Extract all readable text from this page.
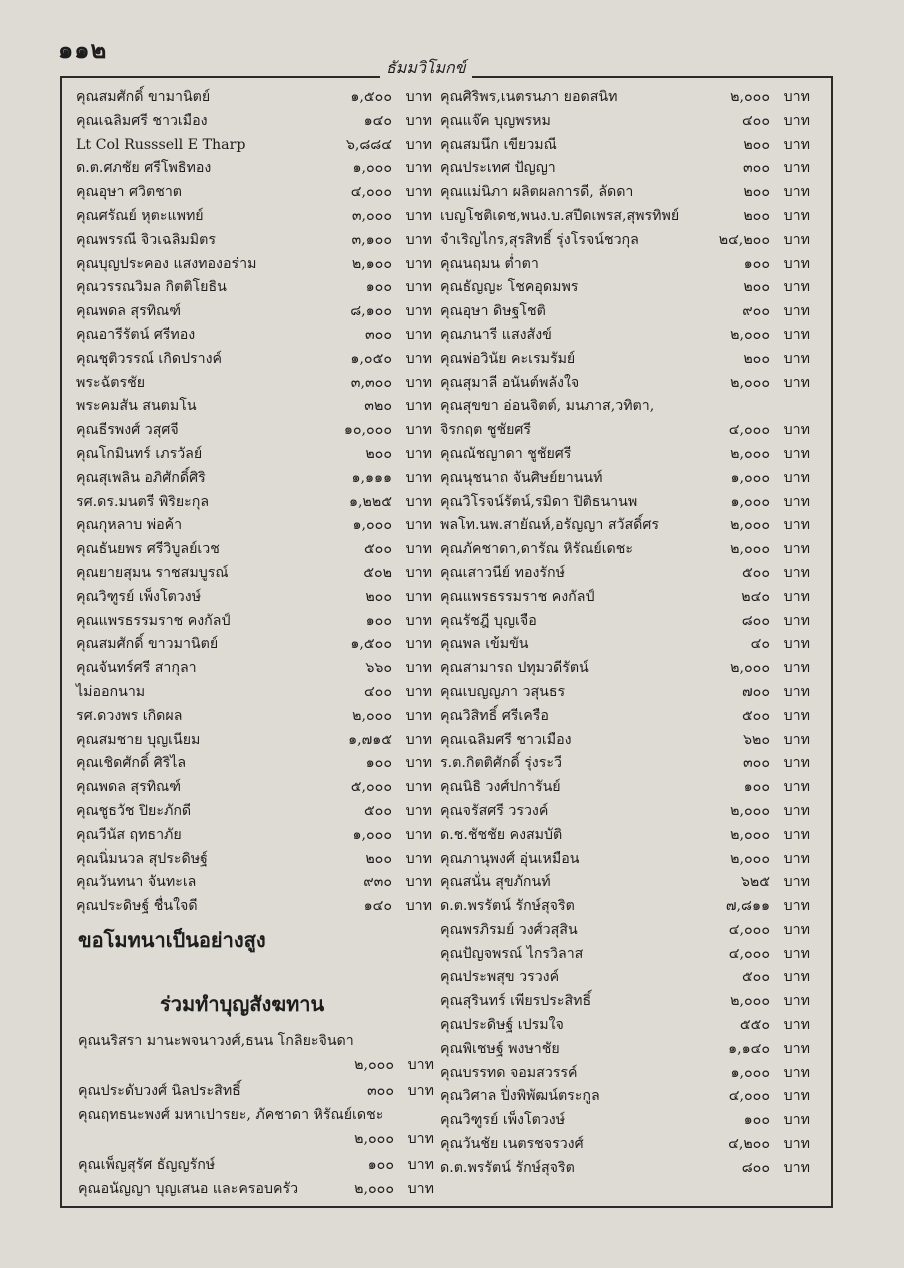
๑๑๒
ธัมมวิโมกข์
คุณสมศักดิ์ ขามานิตย์	๑,๕๐๐ บาท
คุณเฉลิมศรี ชาวเมือง	๑๔๐ บาท
Lt Col Russsell E Tharp	๖,๘๘๔ บาท
ด.ต.ศภชัย ศรีโพธิทอง	๑,๐๐๐ บาท
คุณอุษา ศวิตชาต	๔,๐๐๐ บาท
คุณศรัณย์ หุตะแพทย์	๓,๐๐๐ บาท
คุณพรรณี จิวเฉลิมมิตร	๓,๑๐๐ บาท
คุณบุญประคอง แสงทองอร่าม	๒,๑๐๐ บาท
คุณวรรณวิมล กิตติโยธิน	๑๐๐ บาท
คุณพดล สุรทิณฑ์	๘,๑๐๐ บาท
คุณอารีรัตน์ ศรีทอง	๓๐๐ บาท
คุณชุติวรรณ์ เกิดปรางค์	๑,๐๕๐ บาท
พระฉัตรชัย	๓,๓๐๐ บาท
พระคมสัน สนตมโน	๓๒๐ บาท
คุณธีรพงศ์ วสุศจี	๑๐,๐๐๐ บาท
คุณโกมินทร์ เภรวัลย์	๒๐๐ บาท
คุณสุเพลิน อภิศักดิ์ศิริ	๑,๑๑๑ บาท
รศ.ดร.มนตรี พิริยะกุล	๑,๒๒๕ บาท
คุณกุหลาบ พ่อค้า	๑,๐๐๐ บาท
คุณธันยพร ศรีวิบูลย์เวช	๕๐๐ บาท
คุณยายสุมน ราชสมบูรณ์	๕๐๒ บาท
คุณวิฑูรย์ เพ็งโตวงษ์	๒๐๐ บาท
คุณแพรธรรมราช คงกัลป์	๑๐๐ บาท
คุณสมศักดิ์ ขาวมานิตย์	๑,๕๐๐ บาท
คุณจันทร์ศรี สากุลา	๖๖๐ บาท
ไม่ออกนาม	๔๐๐ บาท
รศ.ดวงพร เกิดผล	๒,๐๐๐ บาท
คุณสมชาย บุญเนียม	๑,๗๑๕ บาท
คุณเชิดศักดิ์ ศิริไล	๑๐๐ บาท
คุณพดล สุรทิณฑ์	๕,๐๐๐ บาท
คุณชูธวัช ปิยะภักดี	๕๐๐ บาท
คุณวีนัส ฤทธาภัย	๑,๐๐๐ บาท
คุณนิ่มนวล สุประดิษฐ์	๒๐๐ บาท
คุณวันทนา จันทะเล	๙๓๐ บาท
คุณประดิษฐ์ ชื่นใจดี	๑๔๐ บาท
คุณศิริพร,เนตรนภา ยอดสนิท	๒,๐๐๐ บาท
คุณแจ๊ค บุญพรหม	๔๐๐ บาท
คุณสมนึก เขียวมณี	๒๐๐ บาท
คุณประเทศ ปัญญา	๓๐๐ บาท
คุณแม่นิภา ผลิตผลการดี, ลัดดา	๒๐๐ บาท
เบญโชติเดช,พนง.บ.สปีดเพรส,สุพรทิพย์	๒๐๐ บาท
จำเริญไกร,สุรสิทธิ์ รุ่งโรจน์ชวกุล	๒๔,๒๐๐ บาท
คุณนฤมน ต่ำตา	๑๐๐ บาท
คุณธัญญะ โชคอุดมพร	๒๐๐ บาท
คุณอุษา ดิษฐโชติ	๙๐๐ บาท
คุณภนารี แสงสังข์	๒,๐๐๐ บาท
คุณพ่อวินัย คะเรมรัมย์	๒๐๐ บาท
คุณสุมาลี อนันต์พลังใจ	๒,๐๐๐ บาท
คุณสุขขา อ่อนจิตต์, มนภาส,วทิตา,
จิรกฤต ชูชัยศรี	๔,๐๐๐ บาท
คุณณัชญาดา ชูชัยศรี	๒,๐๐๐ บาท
คุณนุชนาถ จันศิษย์ยานนท์	๑,๐๐๐ บาท
คุณวิโรจน์รัตน์,รมิดา ปิติธนานพ	๑,๐๐๐ บาท
พลโท.นพ.สายัณห์,อรัญญา สวัสดิ์ศร	๒,๐๐๐ บาท
คุณภัคชาดา,ดารัณ หิรัณย์เดชะ	๒,๐๐๐ บาท
คุณเสาวนีย์ ทองรักษ์	๕๐๐ บาท
คุณแพรธรรมราช คงกัลป์	๒๔๐ บาท
คุณรัชฎี บุญเจือ	๘๐๐ บาท
คุณพล เข้มขัน	๔๐ บาท
คุณสามารถ ปทุมวดีรัตน์	๒,๐๐๐ บาท
คุณเบญญภา วสุนธร	๗๐๐ บาท
คุณวิสิทธิ์ ศรีเครือ	๕๐๐ บาท
คุณเฉลิมศรี ชาวเมือง	๖๒๐ บาท
ร.ต.กิตติศักดิ์ รุ่งระวี	๓๐๐ บาท
คุณนิธิ วงศ์ปการันย์	๑๐๐ บาท
คุณจรัสศรี วรวงค์	๒,๐๐๐ บาท
ด.ช.ชัชชัย คงสมบัติ	๒,๐๐๐ บาท
คุณภานุพงศ์ อุ่นเหมือน	๒,๐๐๐ บาท
คุณสนั่น สุขภักนท์	๖๒๕ บาท
ด.ต.พรรัตน์ รักษ์สุจริต	๗,๘๑๑ บาท
คุณพรภิรมย์ วงศ์วสุสิน	๔,๐๐๐ บาท
คุณปัญจพรณ์ ไกรวิลาส	๔,๐๐๐ บาท
คุณประพสุข วรวงค์	๕๐๐ บาท
คุณสุรินทร์ เพียรประสิทธิ์	๒,๐๐๐ บาท
คุณประดิษฐ์ เปรมใจ	๕๕๐ บาท
คุณพิเชษฐ์ พงษาชัย	๑,๑๔๐ บาท
คุณบรรทด จอมสวรรค์	๑,๐๐๐ บาท
คุณวิศาล ปิ่งพิพัฒน์ตระกูล	๔,๐๐๐ บาท
คุณวิฑูรย์ เพ็งโตวงษ์	๑๐๐ บาท
คุณวันชัย เนตรชจรวงศ์	๔,๒๐๐ บาท
ด.ต.พรรัตน์ รักษ์สุจริต	๘๐๐ บาท
ขอโมทนาเป็นอย่างสูง
ร่วมทำบุญสังฆทาน
คุณนริสรา มานะพจนาวงศ์,ธนน โกลิยะจินดา
๒,๐๐๐ บาท
คุณประดับวงศ์ นิลประสิทธิ์	๓๐๐ บาท
คุณฤทธนะพงศ์ มหาเปารยะ, ภัคชาดา หิรัณย์เดชะ
๒,๐๐๐ บาท
คุณเพ็ญสุรัศ ธัญญรักษ์	๑๐๐ บาท
คุณอนัญญา บุญเสนอ และครอบครัว	๒,๐๐๐ บาท
